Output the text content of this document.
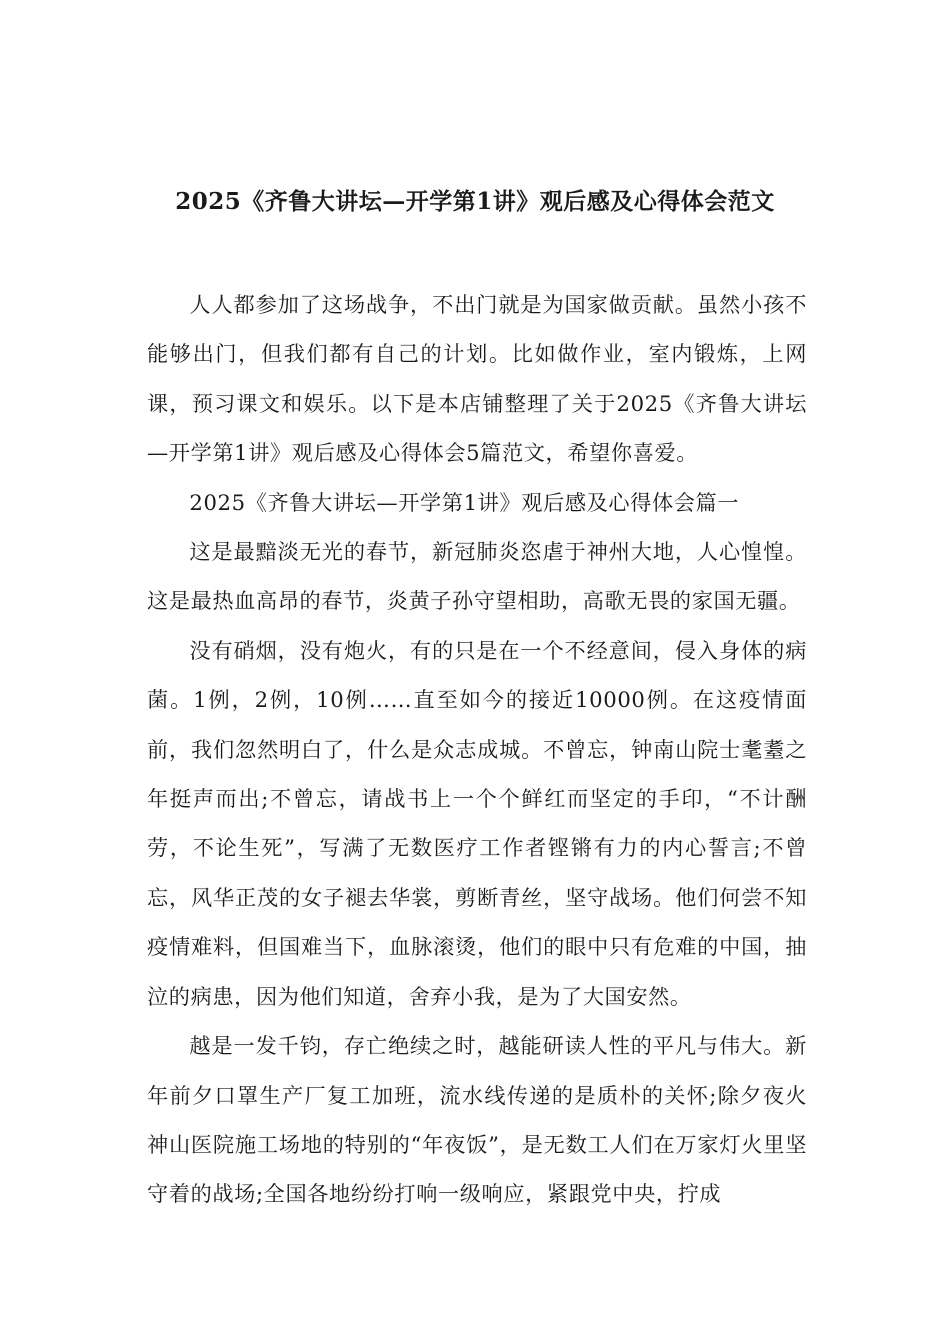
2025《齐鲁大讲坛—开学第1讲》观后感及心得体会范文

人人都参加了这场战争，不出门就是为国家做贡献。虽然小孩不能够出门，但我们都有自己的计划。比如做作业，室内锻炼，上网课，预习课文和娱乐。以下是本店铺整理了关于2025《齐鲁大讲坛—开学第1讲》观后感及心得体会5篇范文，希望你喜爱。

2025《齐鲁大讲坛—开学第1讲》观后感及心得体会篇一

这是最黯淡无光的春节，新冠肺炎恣虐于神州大地，人心惶惶。这是最热血高昂的春节，炎黄子孙守望相助，高歌无畏的家国无疆。

没有硝烟，没有炮火，有的只是在一个不经意间，侵入身体的病菌。1例，2例，10例……直至如今的接近10000例。在这疫情面前，我们忽然明白了，什么是众志成城。不曾忘，钟南山院士耄耋之年挺声而出;不曾忘，请战书上一个个鲜红而坚定的手印，“不计酬劳，不论生死”，写满了无数医疗工作者铿锵有力的内心誓言;不曾忘，风华正茂的女子褪去华裳，剪断青丝，坚守战场。他们何尝不知疫情难料，但国难当下，血脉滚烫，他们的眼中只有危难的中国，抽泣的病患，因为他们知道，舍弃小我，是为了大国安然。

越是一发千钧，存亡绝续之时，越能研读人性的平凡与伟大。新年前夕口罩生产厂复工加班，流水线传递的是质朴的关怀;除夕夜火神山医院施工场地的特别的“年夜饭”，是无数工人们在万家灯火里坚守着的战场;全国各地纷纷打响一级响应，紧跟党中央，拧成
